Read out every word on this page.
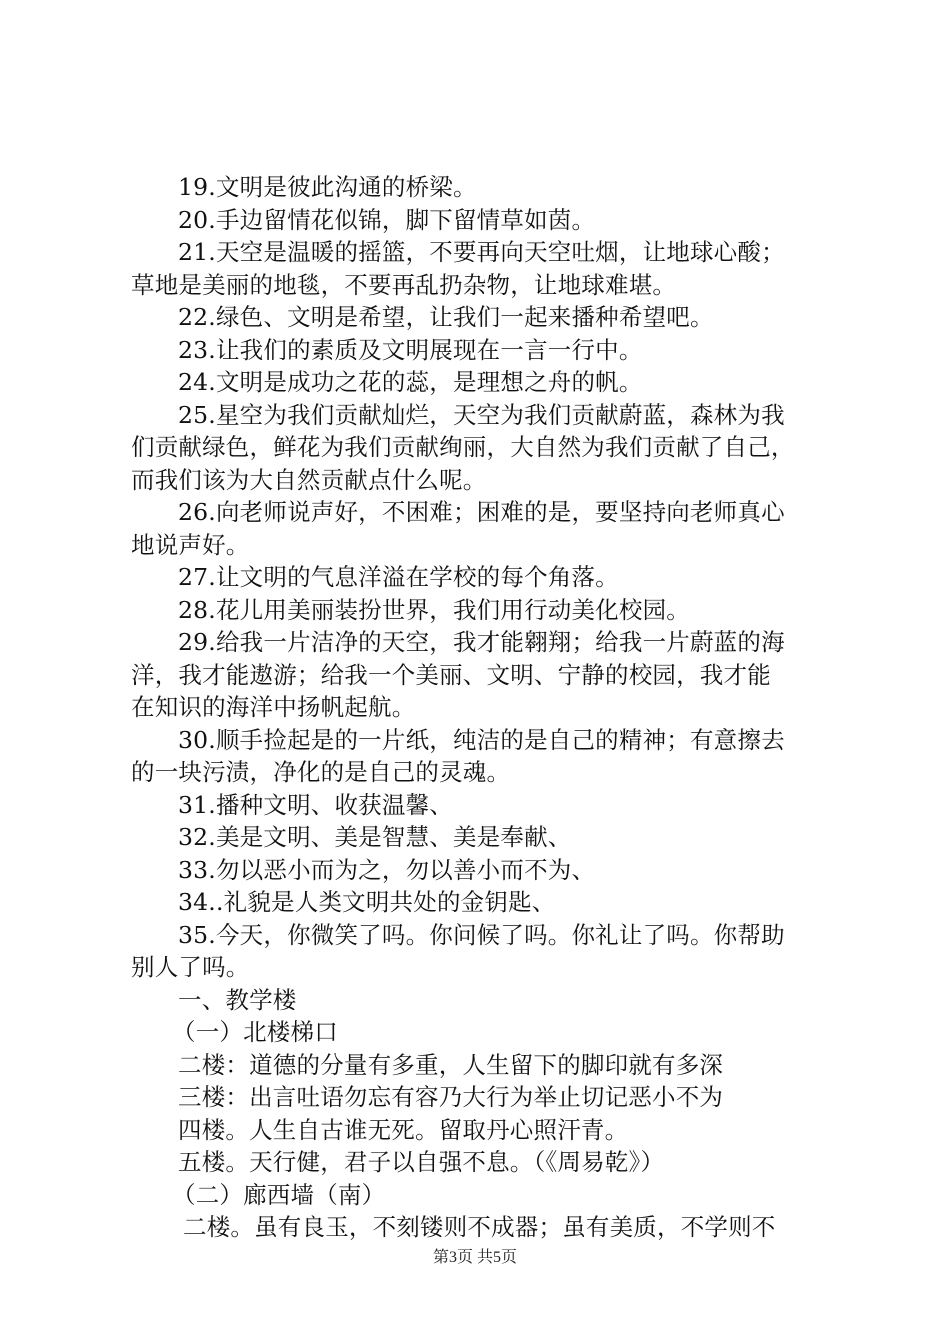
19.文明是彼此沟通的桥梁。
20.手边留情花似锦，脚下留情草如茵。
21.天空是温暖的摇篮，不要再向天空吐烟，让地球心酸；
草地是美丽的地毯，不要再乱扔杂物，让地球难堪。
22.绿色、文明是希望，让我们一起来播种希望吧。
23.让我们的素质及文明展现在一言一行中。
24.文明是成功之花的蕊，是理想之舟的帆。
25.星空为我们贡献灿烂，天空为我们贡献蔚蓝，森林为我
们贡献绿色，鲜花为我们贡献绚丽，大自然为我们贡献了自己，
而我们该为大自然贡献点什么呢。
26.向老师说声好，不困难；困难的是，要坚持向老师真心
地说声好。
27.让文明的气息洋溢在学校的每个角落。
28.花儿用美丽装扮世界，我们用行动美化校园。
29.给我一片洁净的天空，我才能翱翔；给我一片蔚蓝的海
洋，我才能遨游；给我一个美丽、文明、宁静的校园，我才能
在知识的海洋中扬帆起航。
30.顺手捡起是的一片纸，纯洁的是自己的精神；有意擦去
的一块污渍，净化的是自己的灵魂。
31.播种文明、收获温馨、
32.美是文明、美是智慧、美是奉献、
33.勿以恶小而为之，勿以善小而不为、
34..礼貌是人类文明共处的金钥匙、
35.今天，你微笑了吗。你问候了吗。你礼让了吗。你帮助
别人了吗。
一、教学楼
（一）北楼梯口
二楼：道德的分量有多重，人生留下的脚印就有多深
三楼：出言吐语勿忘有容乃大行为举止切记恶小不为
四楼。人生自古谁无死。留取丹心照汗青。
五楼。天行健，君子以自强不息。（《周易乾》）
（二）廊西墙（南）
二楼。虽有良玉，不刻镂则不成器；虽有美质，不学则不
第3页 共5页
